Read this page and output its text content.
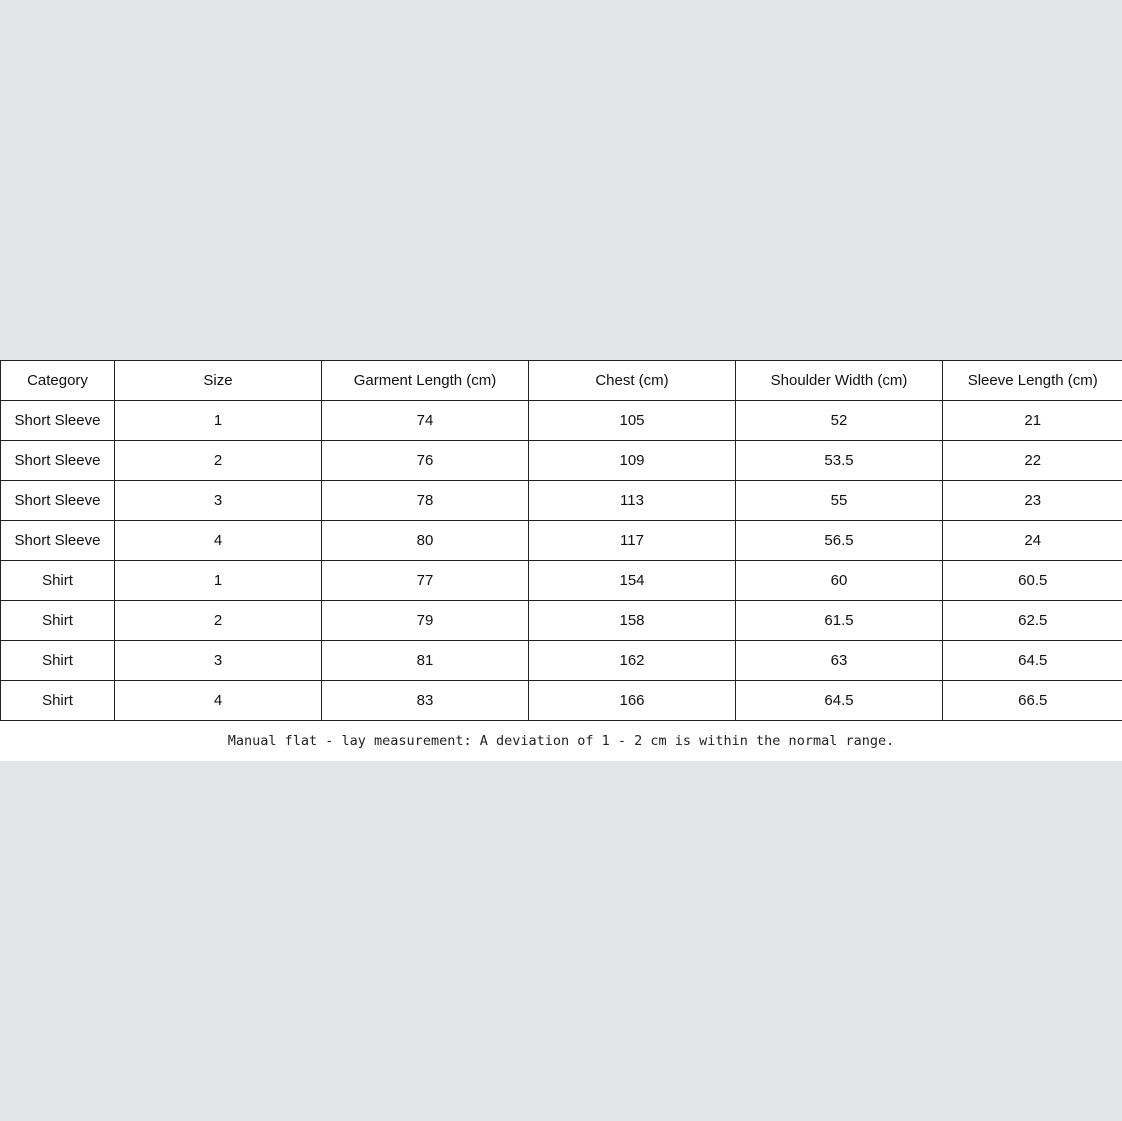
Category	Size	Garment Length (cm)	Chest (cm)	Shoulder Width (cm)	Sleeve Length (cm)
Short Sleeve	1	74	105	52	21
Short Sleeve	2	76	109	53.5	22
Short Sleeve	3	78	113	55	23
Short Sleeve	4	80	117	56.5	24
Shirt	1	77	154	60	60.5
Shirt	2	79	158	61.5	62.5
Shirt	3	81	162	63	64.5
Shirt	4	83	166	64.5	66.5
Manual flat - lay measurement: A deviation of 1 - 2 cm is within the normal range.
